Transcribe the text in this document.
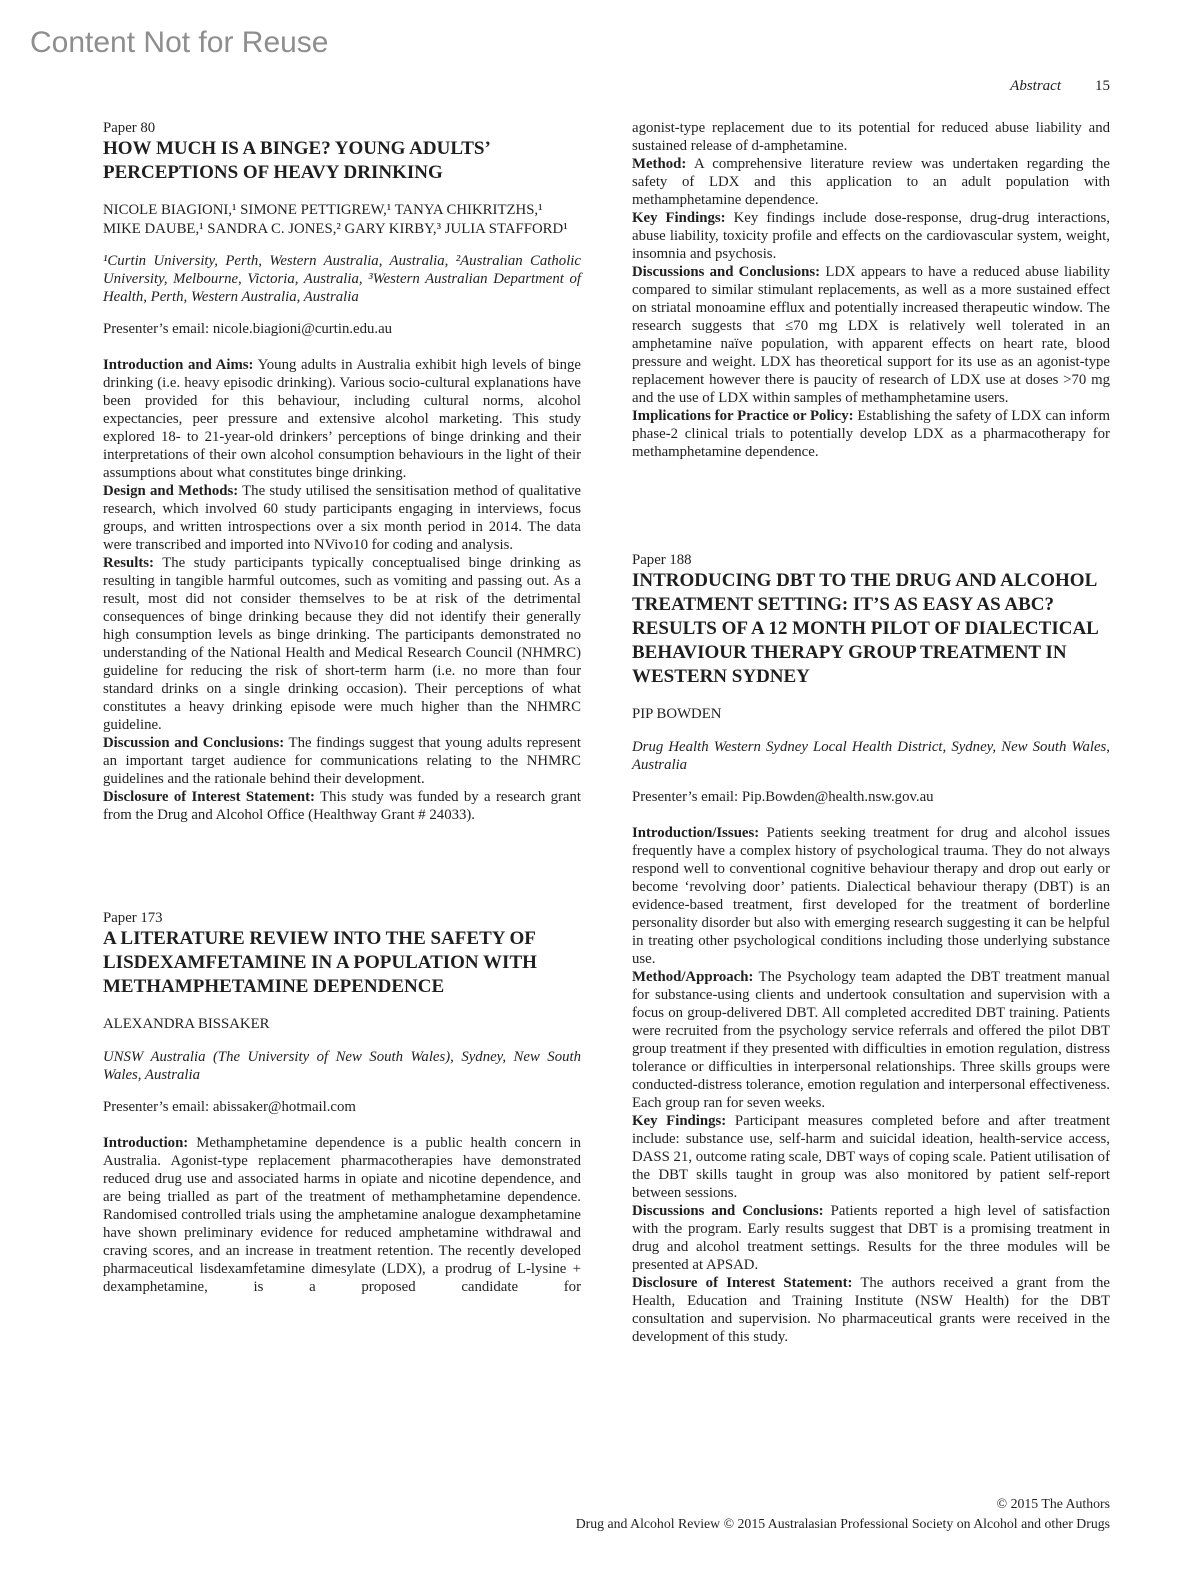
Content Not for Reuse
Abstract 15

Paper 80

HOW MUCH IS A BINGE? YOUNG ADULTS’ PERCEPTIONS OF HEAVY DRINKING

NICOLE BIAGIONI,¹ SIMONE PETTIGREW,¹ TANYA CHIKRITZHS,¹ MIKE DAUBE,¹ SANDRA C. JONES,² GARY KIRBY,³ JULIA STAFFORD¹

¹Curtin University, Perth, Western Australia, Australia, ²Australian Catholic University, Melbourne, Victoria, Australia, ³Western Australian Department of Health, Perth, Western Australia, Australia

Presenter’s email: nicole.biagioni@curtin.edu.au

Introduction and Aims: Young adults in Australia exhibit high levels of binge drinking (i.e. heavy episodic drinking). Various socio-cultural explanations have been provided for this behaviour, including cultural norms, alcohol expectancies, peer pressure and extensive alcohol marketing. This study explored 18- to 21-year-old drinkers’ perceptions of binge drinking and their interpretations of their own alcohol consumption behaviours in the light of their assumptions about what constitutes binge drinking.

Design and Methods: The study utilised the sensitisation method of qualitative research, which involved 60 study participants engaging in interviews, focus groups, and written introspections over a six month period in 2014. The data were transcribed and imported into NVivo10 for coding and analysis.

Results: The study participants typically conceptualised binge drinking as resulting in tangible harmful outcomes, such as vomiting and passing out. As a result, most did not consider themselves to be at risk of the detrimental consequences of binge drinking because they did not identify their generally high consumption levels as binge drinking. The participants demonstrated no understanding of the National Health and Medical Research Council (NHMRC) guideline for reducing the risk of short-term harm (i.e. no more than four standard drinks on a single drinking occasion). Their perceptions of what constitutes a heavy drinking episode were much higher than the NHMRC guideline.

Discussion and Conclusions: The findings suggest that young adults represent an important target audience for communications relating to the NHMRC guidelines and the rationale behind their development.

Disclosure of Interest Statement: This study was funded by a research grant from the Drug and Alcohol Office (Healthway Grant # 24033).

Paper 173

A LITERATURE REVIEW INTO THE SAFETY OF LISDEXAMFETAMINE IN A POPULATION WITH METHAMPHETAMINE DEPENDENCE

ALEXANDRA BISSAKER

UNSW Australia (The University of New South Wales), Sydney, New South Wales, Australia

Presenter’s email: abissaker@hotmail.com

Introduction: Methamphetamine dependence is a public health concern in Australia. Agonist-type replacement pharmacotherapies have demonstrated reduced drug use and associated harms in opiate and nicotine dependence, and are being trialled as part of the treatment of methamphetamine dependence. Randomised controlled trials using the amphetamine analogue dexamphetamine have shown preliminary evidence for reduced amphetamine withdrawal and craving scores, and an increase in treatment retention. The recently developed pharmaceutical lisdexamfetamine dimesylate (LDX), a prodrug of L-lysine + dexamphetamine, is a proposed candidate for

agonist-type replacement due to its potential for reduced abuse liability and sustained release of d-amphetamine.

Method: A comprehensive literature review was undertaken regarding the safety of LDX and this application to an adult population with methamphetamine dependence.

Key Findings: Key findings include dose-response, drug-drug interactions, abuse liability, toxicity profile and effects on the cardiovascular system, weight, insomnia and psychosis.

Discussions and Conclusions: LDX appears to have a reduced abuse liability compared to similar stimulant replacements, as well as a more sustained effect on striatal monoamine efflux and potentially increased therapeutic window. The research suggests that ≤70 mg LDX is relatively well tolerated in an amphetamine naïve population, with apparent effects on heart rate, blood pressure and weight. LDX has theoretical support for its use as an agonist-type replacement however there is paucity of research of LDX use at doses >70 mg and the use of LDX within samples of methamphetamine users.

Implications for Practice or Policy: Establishing the safety of LDX can inform phase-2 clinical trials to potentially develop LDX as a pharmacotherapy for methamphetamine dependence.

Paper 188

INTRODUCING DBT TO THE DRUG AND ALCOHOL TREATMENT SETTING: IT’S AS EASY AS ABC? RESULTS OF A 12 MONTH PILOT OF DIALECTICAL BEHAVIOUR THERAPY GROUP TREATMENT IN WESTERN SYDNEY

PIP BOWDEN

Drug Health Western Sydney Local Health District, Sydney, New South Wales, Australia

Presenter’s email: Pip.Bowden@health.nsw.gov.au

Introduction/Issues: Patients seeking treatment for drug and alcohol issues frequently have a complex history of psychological trauma. They do not always respond well to conventional cognitive behaviour therapy and drop out early or become ‘revolving door’ patients. Dialectical behaviour therapy (DBT) is an evidence-based treatment, first developed for the treatment of borderline personality disorder but also with emerging research suggesting it can be helpful in treating other psychological conditions including those underlying substance use.

Method/Approach: The Psychology team adapted the DBT treatment manual for substance-using clients and undertook consultation and supervision with a focus on group-delivered DBT. All completed accredited DBT training. Patients were recruited from the psychology service referrals and offered the pilot DBT group treatment if they presented with difficulties in emotion regulation, distress tolerance or difficulties in interpersonal relationships. Three skills groups were conducted-distress tolerance, emotion regulation and interpersonal effectiveness. Each group ran for seven weeks.

Key Findings: Participant measures completed before and after treatment include: substance use, self-harm and suicidal ideation, health-service access, DASS 21, outcome rating scale, DBT ways of coping scale. Patient utilisation of the DBT skills taught in group was also monitored by patient self-report between sessions.

Discussions and Conclusions: Patients reported a high level of satisfaction with the program. Early results suggest that DBT is a promising treatment in drug and alcohol treatment settings. Results for the three modules will be presented at APSAD.

Disclosure of Interest Statement: The authors received a grant from the Health, Education and Training Institute (NSW Health) for the DBT consultation and supervision. No pharmaceutical grants were received in the development of this study.

© 2015 The Authors
Drug and Alcohol Review © 2015 Australasian Professional Society on Alcohol and other Drugs
